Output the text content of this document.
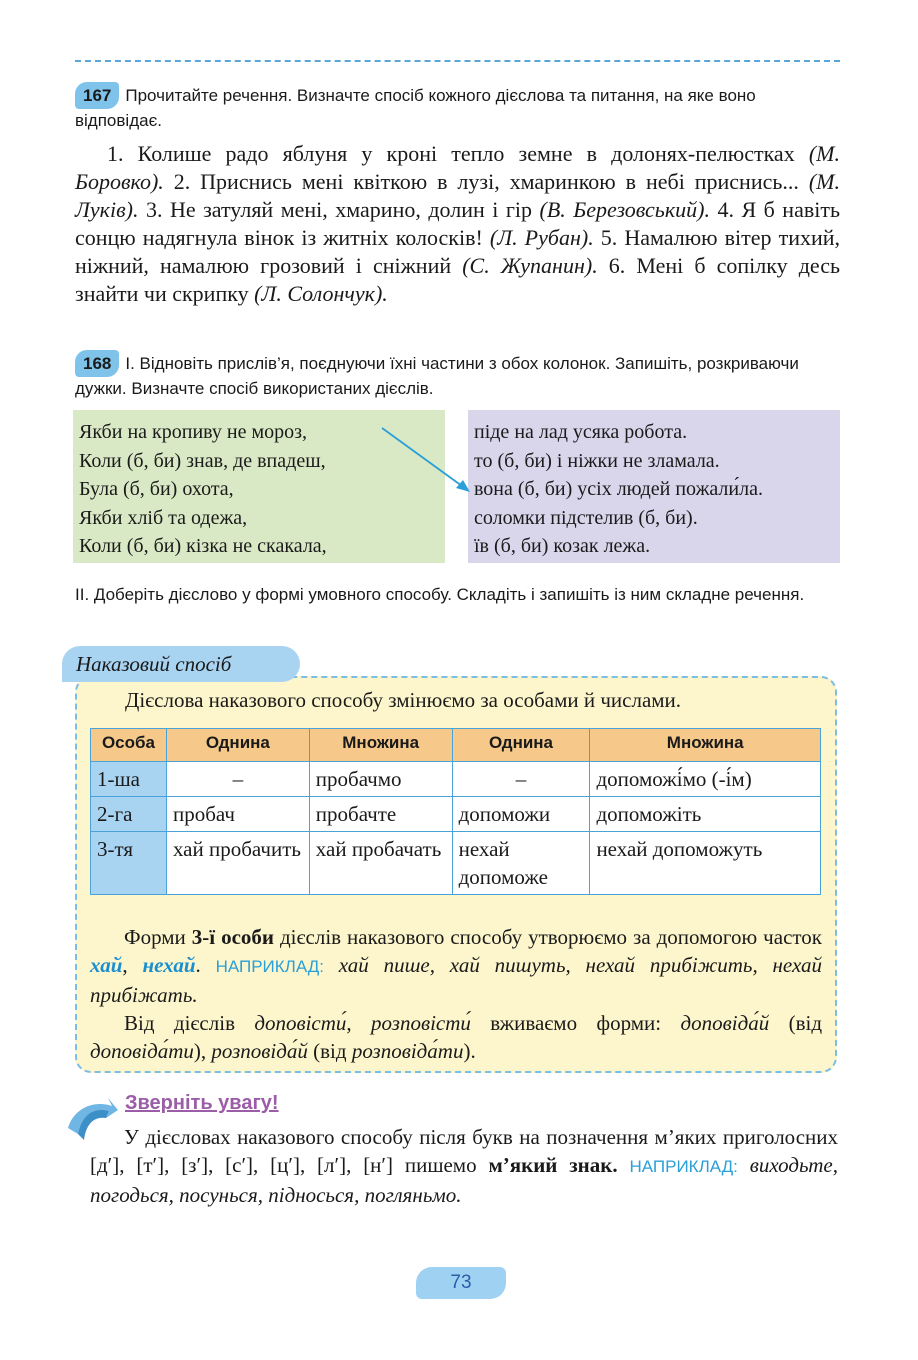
167 Прочитайте речення. Визначте спосіб кожного дієслова та питання, на яке воно відповідає.

1. Колише радо яблуня у кроні тепло земне в долонях-пелюстках (М. Боровко). 2. Приснись мені квіткою в лузі, хмаринкою в небі приснись... (М. Луків). 3. Не затуляй мені, хмарино, долин і гір (В. Березовський). 4. Я б навіть сонцю надягнула вінок із житніх колосків! (Л. Рубан). 5. Намалюю вітер тихий, ніжний, намалюю грозовий і сніжний (С. Жупанин). 6. Мені б сопілку десь знайти чи скрипку (Л. Солончук).

168 І. Відновіть прислів’я, поєднуючи їхні частини з обох колонок. Запишіть, розкриваючи дужки. Визначте спосіб використаних дієслів.
Якби на кропиву не мороз,
Коли (б, би) знав, де впадеш,
Була (б, би) охота,
Якби хліб та одежа,
Коли (б, би) кізка не скакала,
піде на лад усяка робота.
то (б, би) і ніжки не зламала.
вона (б, би) усіх людей пожали́ла.
соломки підстелив (б, би).
їв (б, би) козак лежа.
ІІ. Доберіть дієслово у формі умовного способу. Складіть і запишіть із ним складне речення.
Наказовий спосіб
Дієслова наказового способу змінюємо за особами й числами.
Особа	Однина	Множина	Однина	Множина
1-ша	–	пробачмо	–	допоможі́мо (-і́м)
2-га	пробач	пробачте	допоможи	допоможіть
3-тя	хай пробачить	хай пробачать	нехай допоможе	нехай допоможуть

Форми 3-ї особи дієслів наказового способу утворюємо за допомогою часток хай, нехай. НАПРИКЛАД: хай пише, хай пишуть, нехай прибіжить, нехай прибіжать.

Від дієслів доповісти́, розповісти́ вживаємо форми: доповіда́й (від доповіда́ти), розповіда́й (від розповіда́ти).

Зверніть увагу!

У дієсловах наказового способу після букв на позначення м’яких приголосних [д′], [т′], [з′], [с′], [ц′], [л′], [н′] пишемо м’який знак. НАПРИКЛАД: виходьте, погодься, посунься, підносься, погляньмо.

73
